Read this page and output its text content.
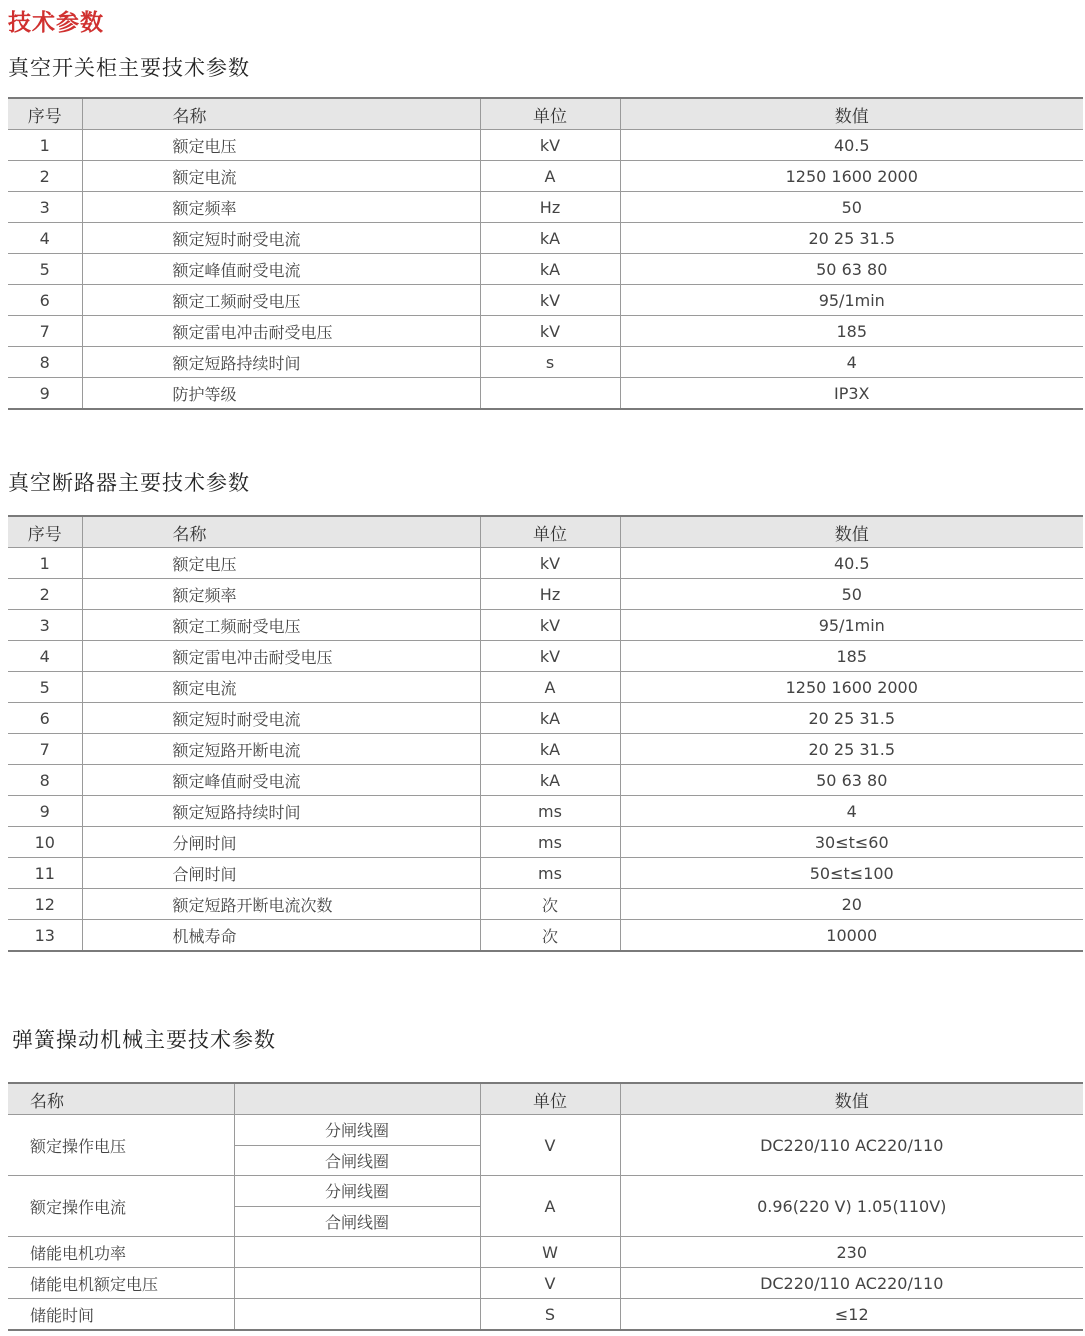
技术参数
真空开关柜主要技术参数
序号	名称	单位	数值
1	额定电压	kV	40.5
2	额定电流	A	1250 1600 2000
3	额定频率	Hz	50
4	额定短时耐受电流	kA	20 25 31.5
5	额定峰值耐受电流	kA	50 63 80
6	额定工频耐受电压	kV	95/1min
7	额定雷电冲击耐受电压	kV	185
8	额定短路持续时间	s	4
9	防护等级		IP3X
真空断路器主要技术参数
序号	名称	单位	数值
1	额定电压	kV	40.5
2	额定频率	Hz	50
3	额定工频耐受电压	kV	95/1min
4	额定雷电冲击耐受电压	kV	185
5	额定电流	A	1250 1600 2000
6	额定短时耐受电流	kA	20 25 31.5
7	额定短路开断电流	kA	20 25 31.5
8	额定峰值耐受电流	kA	50 63 80
9	额定短路持续时间	ms	4
10	分闸时间	ms	30≤t≤60
11	合闸时间	ms	50≤t≤100
12	额定短路开断电流次数	次	20
13	机械寿命	次	10000
弹簧操动机械主要技术参数
名称		单位	数值
额定操作电压	分闸线圈	V	DC220/110 AC220/110
	合闸线圈		
额定操作电流	分闸线圈	A	0.96(220 V) 1.05(110V)
	合闸线圈		
储能电机功率		W	230
储能电机额定电压		V	DC220/110 AC220/110
储能时间		S	≤12
